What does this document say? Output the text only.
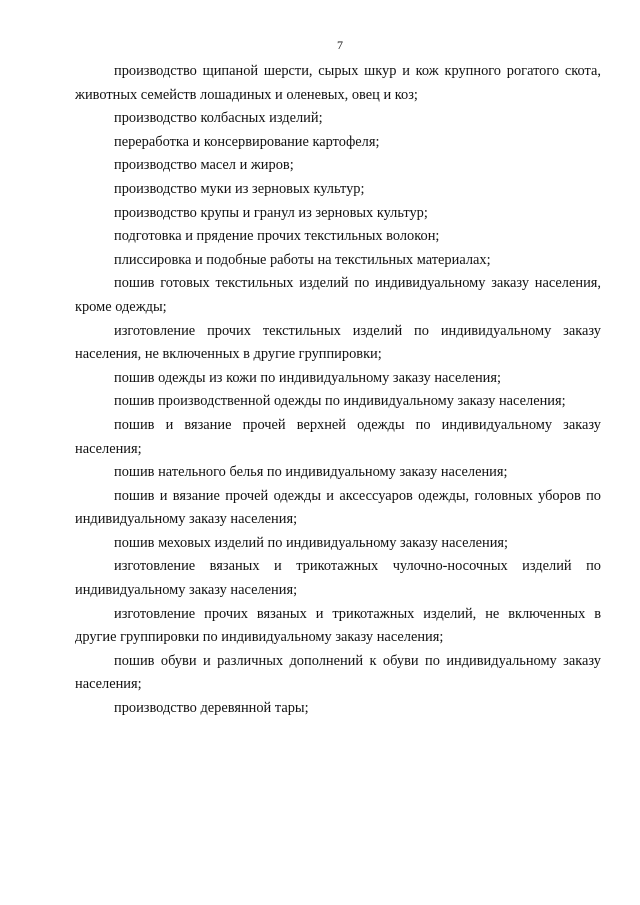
7

производство щипаной шерсти, сырых шкур и кож крупного рогатого скота, животных семейств лошадиных и оленевых, овец и коз;

производство колбасных изделий;

переработка и консервирование картофеля;

производство масел и жиров;

производство муки из зерновых культур;

производство крупы и гранул из зерновых культур;

подготовка и прядение прочих текстильных волокон;

плиссировка и подобные работы на текстильных материалах;

пошив готовых текстильных изделий по индивидуальному заказу населения, кроме одежды;

изготовление прочих текстильных изделий по индивидуальному заказу населения, не включенных в другие группировки;

пошив одежды из кожи по индивидуальному заказу населения;

пошив производственной одежды по индивидуальному заказу населения;

пошив и вязание прочей верхней одежды по индивидуальному заказу населения;

пошив нательного белья по индивидуальному заказу населения;

пошив и вязание прочей одежды и аксессуаров одежды, головных уборов по индивидуальному заказу населения;

пошив меховых изделий по индивидуальному заказу населения;

изготовление вязаных и трикотажных чулочно-носочных изделий по индивидуальному заказу населения;

изготовление прочих вязаных и трикотажных изделий, не включенных в другие группировки по индивидуальному заказу населения;

пошив обуви и различных дополнений к обуви по индивидуальному заказу населения;

производство деревянной тары;
